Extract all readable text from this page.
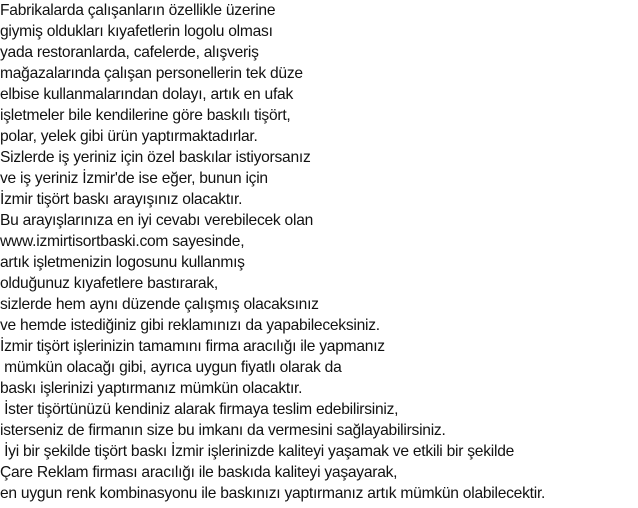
Fabrikalarda çalışanların özellikle üzerine
giymiş oldukları kıyafetlerin logolu olması
yada restoranlarda, cafelerde, alışveriş
mağazalarında çalışan personellerin tek düze
elbise kullanmalarından dolayı, artık en ufak
işletmeler bile kendilerine göre baskılı tişört,
polar, yelek gibi ürün yaptırmaktadırlar.
Sizlerde iş yeriniz için özel baskılar istiyorsanız
ve iş yeriniz İzmir'de ise eğer, bunun için
İzmir tişört baskı arayışınız olacaktır.
Bu arayışlarınıza en iyi cevabı verebilecek olan
www.izmirtisortbaski.com sayesinde,
artık işletmenizin logosunu kullanmış
olduğunuz kıyafetlere bastırarak,
sizlerde hem aynı düzende çalışmış olacaksınız
ve hemde istediğiniz gibi reklamınızı da yapabileceksiniz.
İzmir tişört işlerinizin tamamını firma aracılığı ile yapmanız
mümkün olacağı gibi, ayrıca uygun fiyatlı olarak da
baskı işlerinizi yaptırmanız mümkün olacaktır.
İster tişörtünüzü kendiniz alarak firmaya teslim edebilirsiniz,
isterseniz de firmanın size bu imkanı da vermesini sağlayabilirsiniz.
İyi bir şekilde tişört baskı İzmir işlerinizde kaliteyi yaşamak ve etkili bir şekilde
Çare Reklam firması aracılığı ile baskıda kaliteyi yaşayarak,
en uygun renk kombinasyonu ile baskınızı yaptırmanız artık mümkün olabilecektir.
